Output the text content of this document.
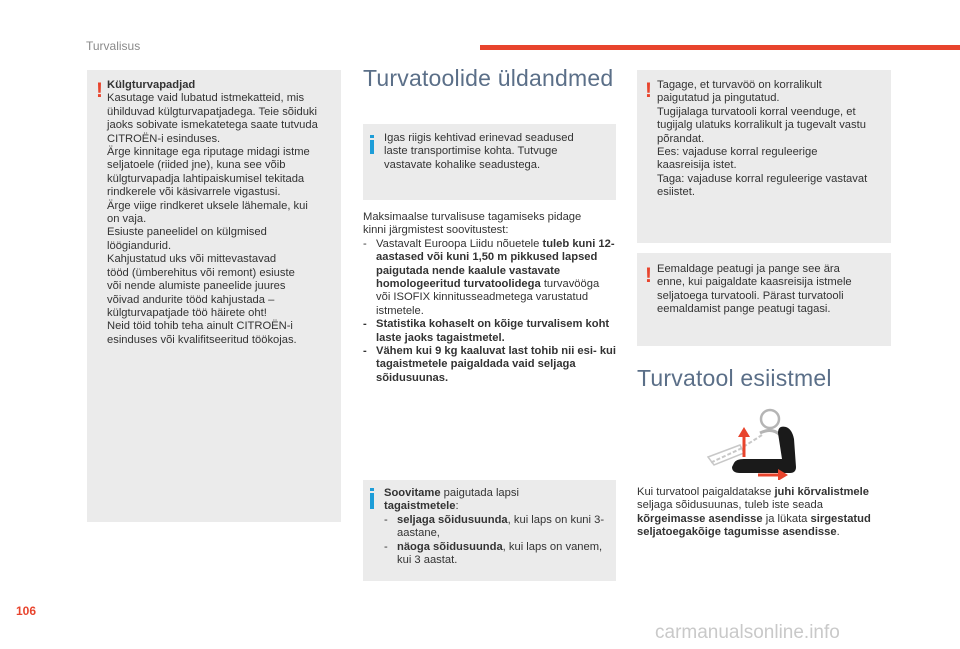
Turvalisus
! Külgturvapadjad

Kasutage vaid lubatud istmekatteid, mis

ühilduvad külgturvapatjadega. Teie sõiduki

jaoks sobivate ismekatetega saate tutvuda

CITROËN-i esinduses.

Ärge kinnitage ega riputage midagi istme

seljatoele (riided jne), kuna see võib

külgturvapadja lahtipaiskumisel tekitada

rindkerele või käsivarrele vigastusi.

Ärge viige rindkeret uksele lähemale, kui

on vaja.

Esiuste paneelidel on külgmised

löögiandurid.

Kahjustatud uks või mittevastavad

tööd (ümberehitus või remont) esiuste

või nende alumiste paneelide juures

võivad andurite tööd kahjustada –

külgturvapatjade töö häirete oht!

Neid töid tohib teha ainult CITROËN-i

esinduses või kvalifitseeritud töökojas.

Turvatoolide üldandmed

Igas riigis kehtivad erinevad seadused

laste transportimise kohta. Tutvuge

vastavate kohalike seadustega.

Maksimaalse turvalisuse tagamiseks pidage

kinni järgmistest soovitustest:

- Vastavalt Euroopa Liidu nõuetele tuleb kuni 12-aastased või kuni 1,50 m pikkused lapsed paigutada nende kaalule vastavate homologeeritud turvatoolidega turvavööga või ISOFIX kinnitusseadmetega varustatud istmetele.
- Statistika kohaselt on kõige turvalisem koht laste jaoks tagaistmetel.
- Vähem kui 9 kg kaaluvat last tohib nii esi- kui tagaistmetele paigaldada vaid seljaga sõidusuunas.

Soovitame paigutada lapsi

tagaistmetele:

- seljaga sõidusuunda, kui laps on kuni 3-aastane,
- näoga sõidusuunda, kui laps on vanem, kui 3 aastat.
! Tagage, et turvavöö on korralikult

paigutatud ja pingutatud.

Tugijalaga turvatooli korral veenduge, et

tugijalg ulatuks korralikult ja tugevalt vastu

põrandat.

Ees: vajaduse korral reguleerige

kaasreisija istet.

Taga: vajaduse korral reguleerige vastavat

esiistet.

! Eemaldage peatugi ja pange see ära

enne, kui paigaldate kaasreisija istmele

seljatoega turvatooli. Pärast turvatooli

eemaldamist pange peatugi tagasi.

Turvatool esiistmel
Kui turvatool paigaldatakse juhi kõrvalistmele seljaga sõidusuunas, tuleb iste seada kõrgeimasse asendisse ja lükata sirgestatud seljatoegakõige tagumisse asendisse.
106
carmanualsonline.info
